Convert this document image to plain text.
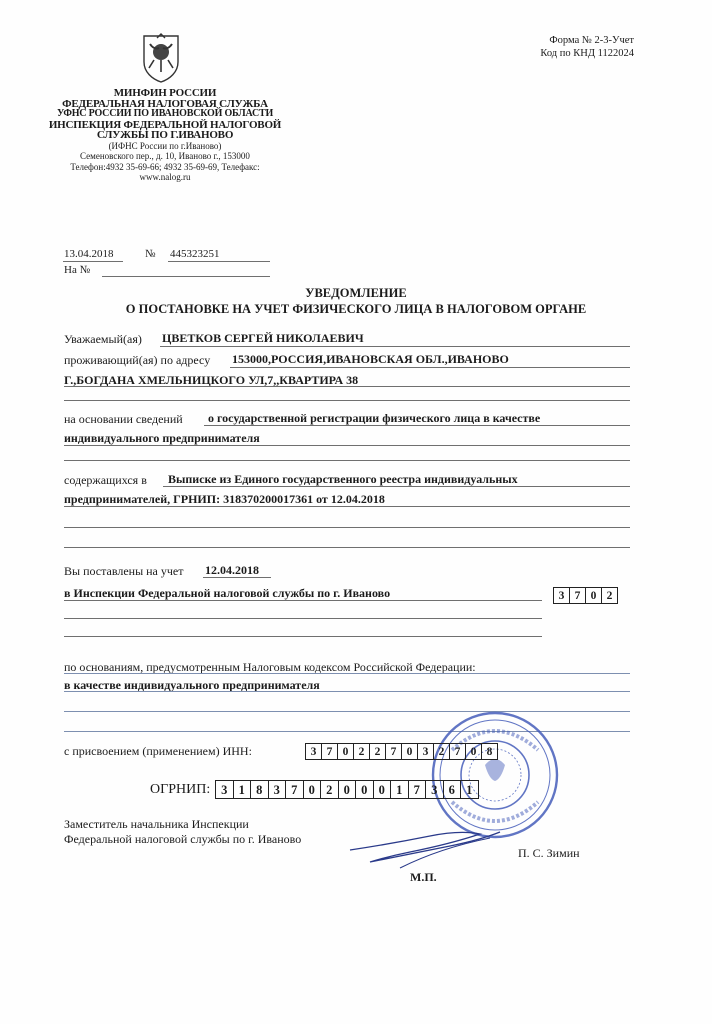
Форма № 2-3-Учет
Код по КНД 1122024
МИНФИН РОССИИ
ФЕДЕРАЛЬНАЯ НАЛОГОВАЯ СЛУЖБА
УФНС РОССИИ ПО ИВАНОВСКОЙ ОБЛАСТИ
ИНСПЕКЦИЯ ФЕДЕРАЛЬНОЙ НАЛОГОВОЙ
СЛУЖБЫ ПО Г.ИВАНОВО
(ИФНС России по г.Иваново)
Семеновского пер., д. 10, Иваново г., 153000
Телефон:4932 35-69-66; 4932 35-69-69, Телефакс:
www.nalog.ru
13.04.2018	№ 445323251
На №
УВЕДОМЛЕНИЕ
О ПОСТАНОВКЕ НА УЧЕТ ФИЗИЧЕСКОГО ЛИЦА В НАЛОГОВОМ ОРГАНЕ
Уважаемый(ая) ЦВЕТКОВ СЕРГЕЙ НИКОЛАЕВИЧ
проживающий(ая) по адресу 153000,РОССИЯ,ИВАНОВСКАЯ ОБЛ.,ИВАНОВО
Г.,БОГДАНА ХМЕЛЬНИЦКОГО УЛ,7,,КВАРТИРА 38
на основании сведений о государственной регистрации физического лица в качестве
индивидуального предпринимателя
содержащихся в Выписке из Единого государственного реестра индивидуальных
предпринимателей, ГРНИП: 318370200017361 от 12.04.2018
Вы поставлены на учет 12.04.2018
в Инспекции Федеральной налоговой службы по г. Иваново	3 7 0 2
по основаниям, предусмотренным Налоговым кодексом Российской Федерации:
в качестве индивидуального предпринимателя
с присвоением (применением) ИНН:	3 7 0 2 2 7 0 3 2 7 0 8
ОГРНИП: 3 1 8 3 7 0 2 0 0 0 1 7 3 6 1
Заместитель начальника Инспекции
Федеральной налоговой службы по г. Иваново
П. С. Зимин
М.П.
